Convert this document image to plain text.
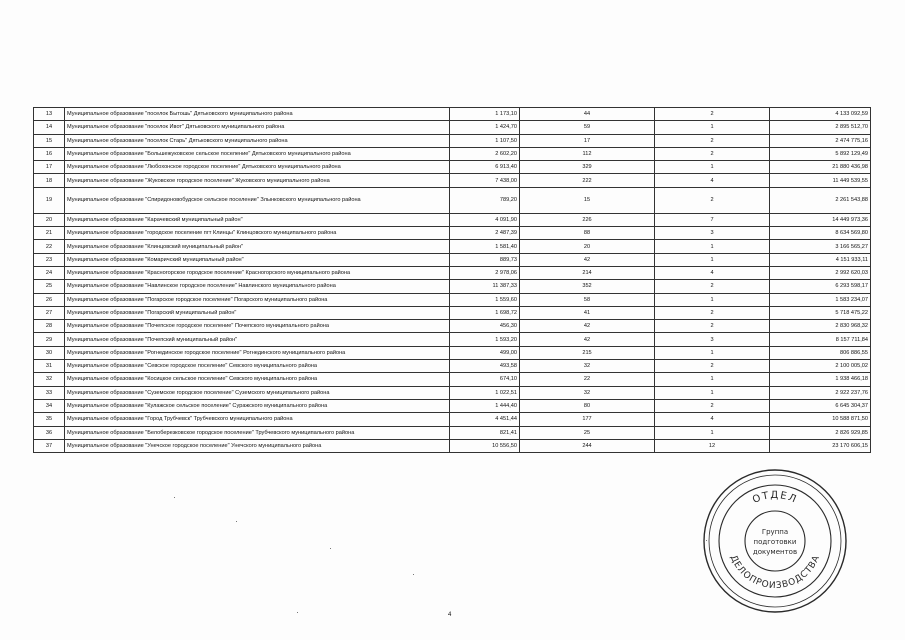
13	Муниципальное образование "поселок Бытошь" Дятьковского муниципального района	1 173,10	44	2	4 133 092,59
14	Муниципальное образование "поселок Ивот" Дятьковского муниципального района	1 424,70	59	1	2 895 512,70
15	Муниципальное образование "поселок Старь" Дятьковского муниципального района	1 107,50	17	2	2 474 775,16
16	Муниципальное образование "Большежуковское сельское поселение" Дятьковского муниципального района	2 602,20	112	2	5 892 129,49
17	Муниципальное образование "Любохонское городское поселение" Дятьковского муниципального района	6 913,40	329	1	21 880 436,98
18	Муниципальное образование "Жуковское городское поселение" Жуковского муниципального района	7 438,00	222	4	11 449 539,55
19	Муниципальное образование "Спиридоновобудское сельское поселение" Злынковского муниципального района	789,20	15	2	2 261 543,88
20	Муниципальное образование "Карачевский муниципальный район"	4 091,90	226	7	14 449 973,36
21	Муниципальное образование "городское поселение пгт Клинцы" Клинцовского муниципального района	2 487,39	88	3	8 634 569,80
22	Муниципальное образование "Клинцовский муниципальный район"	1 581,40	20	1	3 166 565,27
23	Муниципальное образование "Комаричский муниципальный район"	889,73	42	1	4 151 933,11
24	Муниципальное образование "Красногорское городское поселение" Красногорского муниципального района	2 978,06	214	4	2 992 620,03
25	Муниципальное образование "Навлинское городское поселение" Навлинского муниципального района	11 387,33	352	2	6 293 598,17
26	Муниципальное образование "Погарское городское поселение" Погарского муниципального района	1 559,60	58	1	1 583 234,07
27	Муниципальное образование "Погарский муниципальный район"	1 698,72	41	2	5 718 475,22
28	Муниципальное образование "Почепское городское поселение" Почепского муниципального района	456,30	42	2	2 830 968,32
29	Муниципальное образование "Почепский муниципальный район"	1 593,20	42	3	8 157 711,84
30	Муниципальное образование "Рогнединское городское поселение" Рогнединского муниципального района	499,00	215	1	806 886,55
31	Муниципальное образование "Севское городское поселение" Севского муниципального района	493,58	32	2	2 100 005,02
32	Муниципальное образование "Косицкое сельское поселение" Севского муниципального района	674,10	22	1	1 938 466,18
33	Муниципальное образование "Суземское городское поселение" Суземского муниципального района	1 022,51	32	1	2 922 237,76
34	Муниципальное образование "Кулажское сельское поселение" Суражского муниципального района	1 444,40	80	2	6 645 304,37
35	Муниципальное образование "Город Трубчевск" Трубчевского муниципального района	4 451,44	177	4	10 588 871,50
36	Муниципальное образование "Белоберезковское городское поселение" Трубчевского муниципального района	821,41	25	1	2 826 929,85
37	Муниципальное образование "Унечское городское поселение" Унечского муниципального района	10 556,50	244	12	23 170 606,15
ОТДЕЛ
ДЕЛОПРОИЗВОДСТВА
Группа
подготовки
документов
4
